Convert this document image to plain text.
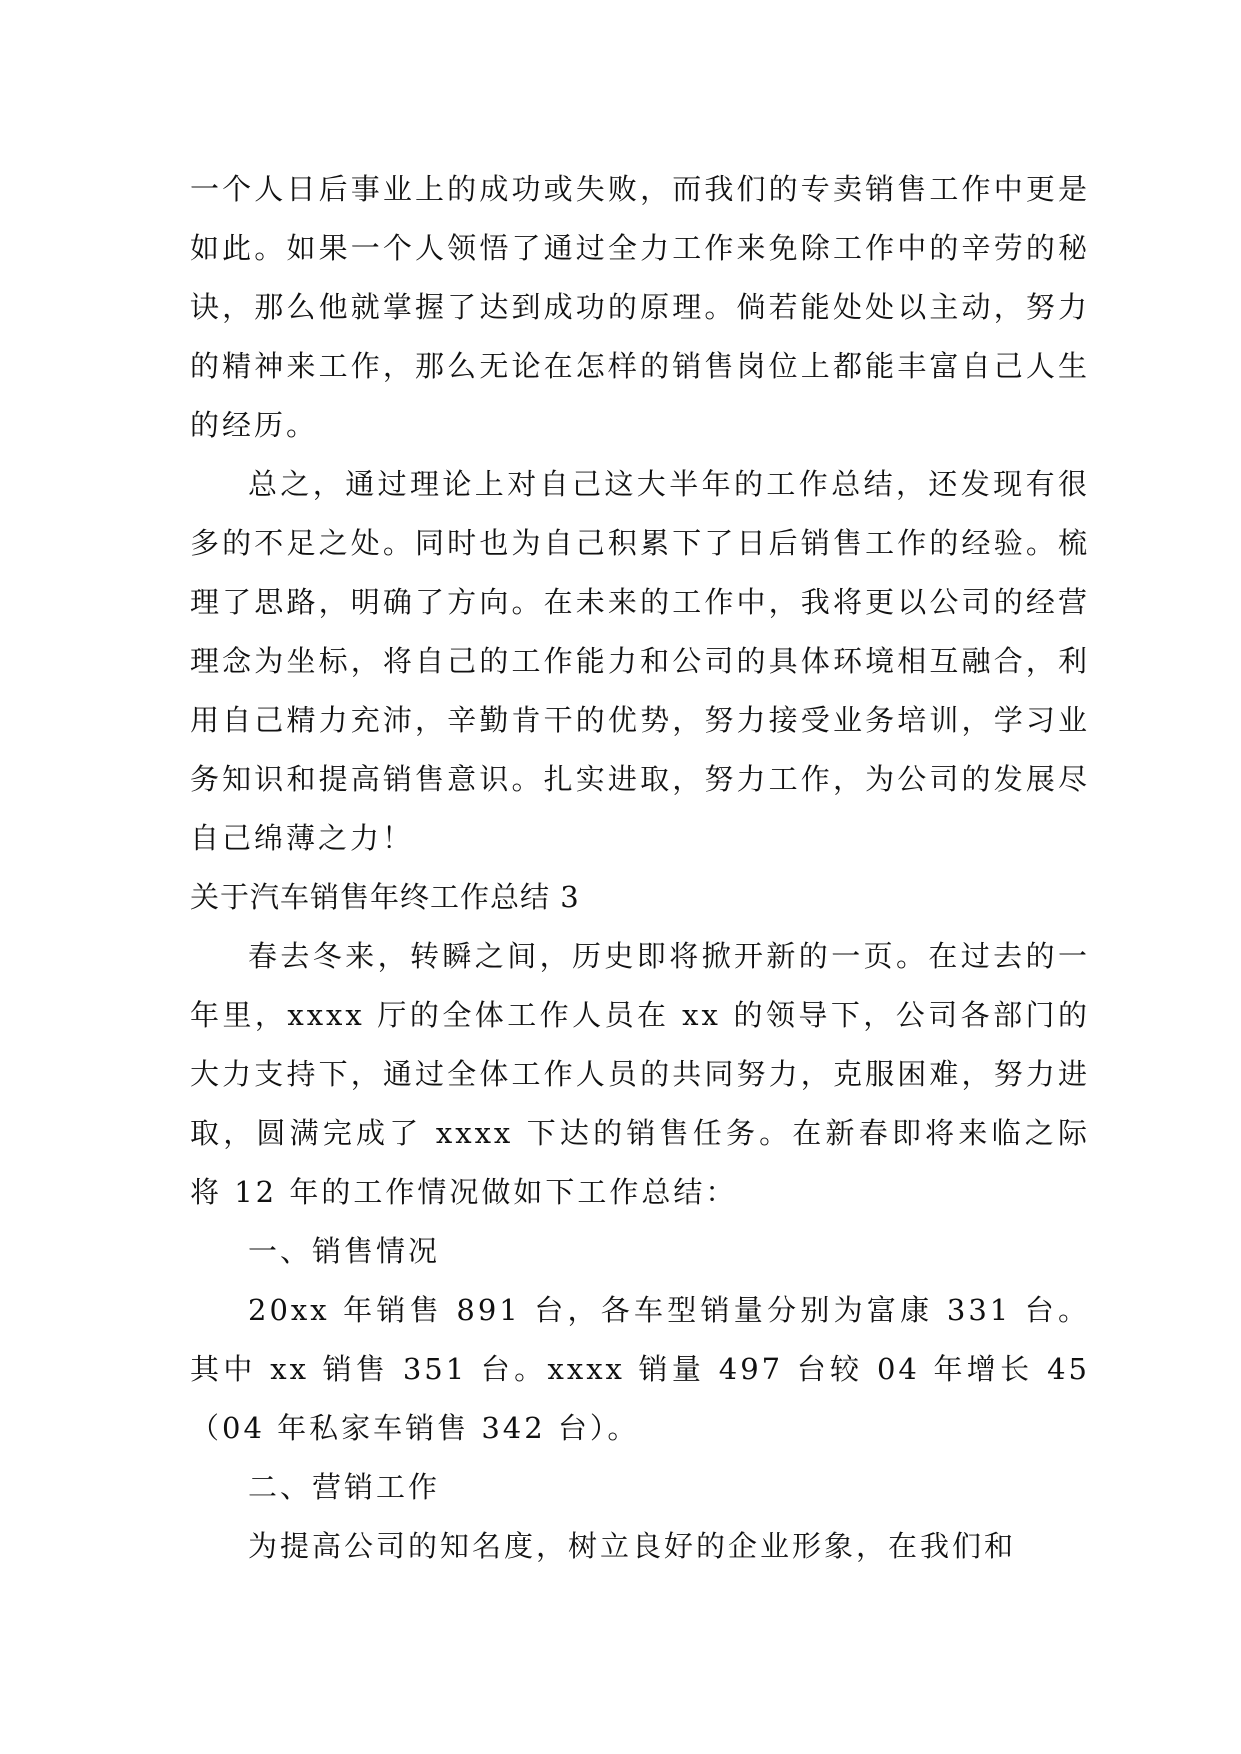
一个人日后事业上的成功或失败，而我们的专卖销售工作中更是如此。如果一个人领悟了通过全力工作来免除工作中的辛劳的秘诀，那么他就掌握了达到成功的原理。倘若能处处以主动，努力的精神来工作，那么无论在怎样的销售岗位上都能丰富自己人生的经历。

总之，通过理论上对自己这大半年的工作总结，还发现有很多的不足之处。同时也为自己积累下了日后销售工作的经验。梳理了思路，明确了方向。在未来的工作中，我将更以公司的经营理念为坐标，将自己的工作能力和公司的具体环境相互融合，利用自己精力充沛，辛勤肯干的优势，努力接受业务培训，学习业务知识和提高销售意识。扎实进取，努力工作，为公司的发展尽自己绵薄之力！

关于汽车销售年终工作总结 3

春去冬来，转瞬之间，历史即将掀开新的一页。在过去的一年里，xxxx 厅的全体工作人员在 xx 的领导下，公司各部门的大力支持下，通过全体工作人员的共同努力，克服困难，努力进取，圆满完成了 xxxx 下达的销售任务。在新春即将来临之际将 12 年的工作情况做如下工作总结：

一、销售情况

20xx 年销售 891 台，各车型销量分别为富康 331 台。其中 xx 销售 351 台。xxxx 销量 497 台较 04 年增长 45（04 年私家车销售 342 台）。

二、营销工作

为提高公司的知名度，树立良好的企业形象，在我们和
